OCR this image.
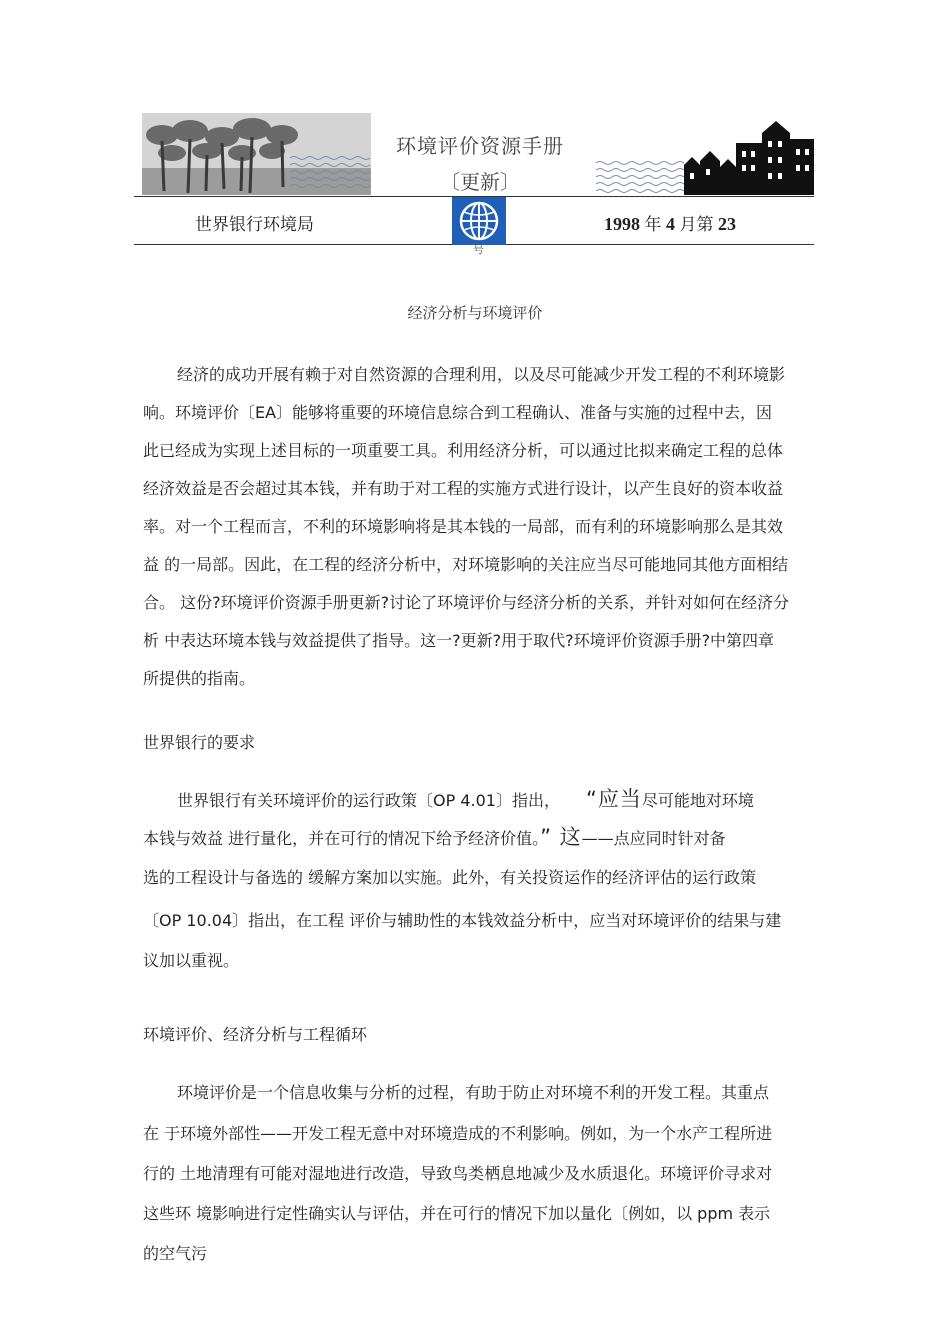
环境评价资源手册
〔更新〕
世界银行环境局
号
1998 年 4 月第 23
经济分析与环境评价
经济的成功开展有赖于对自然资源的合理利用，以及尽可能减少开发工程的不利环境影
响。环境评价〔EA〕能够将重要的环境信息综合到工程确认、准备与实施的过程中去，因
此已经成为实现上述目标的一项重要工具。利用经济分析，可以通过比拟来确定工程的总体
经济效益是否会超过其本钱，并有助于对工程的实施方式进行设计，以产生良好的资本收益
率。对一个工程而言，不利的环境影响将是其本钱的一局部，而有利的环境影响那么是其效
益 的一局部。因此，在工程的经济分析中，对环境影响的关注应当尽可能地同其他方面相结
合。 这份?环境评价资源手册更新?讨论了环境评价与经济分析的关系，并针对如何在经济分
析 中表达环境本钱与效益提供了指导。这一?更新?用于取代?环境评价资源手册?中第四章
所提供的指南。
世界银行的要求
世界银行有关环境评价的运行政策〔OP 4.01〕指出， “应当尽可能地对环境
本钱与效益 进行量化，并在可行的情况下给予经济价值。” 这——点应同时针对备
选的工程设计与备选的 缓解方案加以实施。此外，有关投资运作的经济评估的运行政策
〔OP 10.04〕指出，在工程 评价与辅助性的本钱效益分析中，应当对环境评价的结果与建
议加以重视。
环境评价、经济分析与工程循环
环境评价是一个信息收集与分析的过程，有助于防止对环境不利的开发工程。其重点
在 于环境外部性——开发工程无意中对环境造成的不利影响。例如，为一个水产工程所进
行的 土地清理有可能对湿地进行改造，导致鸟类栖息地减少及水质退化。环境评价寻求对
这些环 境影响进行定性确实认与评估，并在可行的情况下加以量化〔例如，以 ppm 表示
的空气污
